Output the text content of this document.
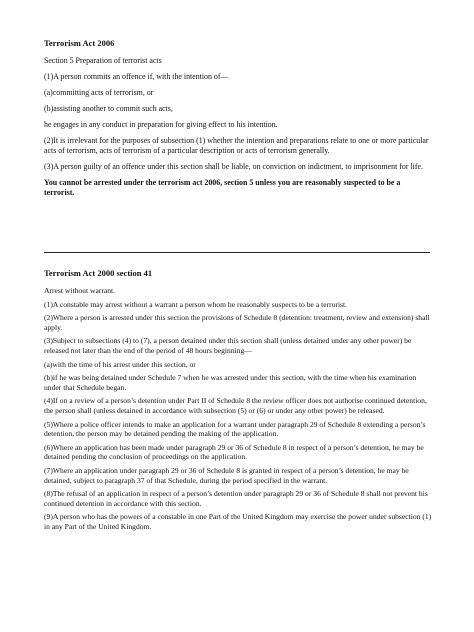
Terrorism Act 2006
Section 5 Preparation of terrorist acts
(1)A person commits an offence if, with the intention of—
(a)committing acts of terrorism, or
(b)assisting another to commit such acts,
he engages in any conduct in preparation for giving effect to his intention.
(2)It is irrelevant for the purposes of subsection (1) whether the intention and preparations relate to one or more particular acts of terrorism, acts of terrorism of a particular description or acts of terrorism generally.
(3)A person guilty of an offence under this section shall be liable, on conviction on indictment, to imprisonment for life.
You cannot be arrested under the terrorism act 2006, section 5 unless you are reasonably suspected to be a terrorist.
Terrorism Act 2000 section 41
Arrest without warrant.
(1)A constable may arrest without a warrant a person whom he reasonably suspects to be a terrorist.
(2)Where a person is arrested under this section the provisions of Schedule 8 (detention: treatment, review and extension) shall apply.
(3)Subject to subsections (4) to (7), a person detained under this section shall (unless detained under any other power) be released not later than the end of the period of 48 hours beginning—
(a)with the time of his arrest under this section, or
(b)if he was being detained under Schedule 7 when he was arrested under this section, with the time when his examination under that Schedule began.
(4)If on a review of a person’s detention under Part II of Schedule 8 the review officer does not authorise continued detention, the person shall (unless detained in accordance with subsection (5) or (6) or under any other power) be released.
(5)Where a police officer intends to make an application for a warrant under paragraph 29 of Schedule 8 extending a person’s detention, the person may be detained pending the making of the application.
(6)Where an application has been made under paragraph 29 or 36 of Schedule 8 in respect of a person’s detention, he may be detained pending the conclusion of proceedings on the application.
(7)Where an application under paragraph 29 or 36 of Schedule 8 is granted in respect of a person’s detention, he may be detained, subject to paragraph 37 of that Schedule, during the period specified in the warrant.
(8)The refusal of an application in respect of a person’s detention under paragraph 29 or 36 of Schedule 8 shall not prevent his continued detention in accordance with this section.
(9)A person who has the powers of a constable in one Part of the United Kingdom may exercise the power under subsection (1) in any Part of the United Kingdom.
